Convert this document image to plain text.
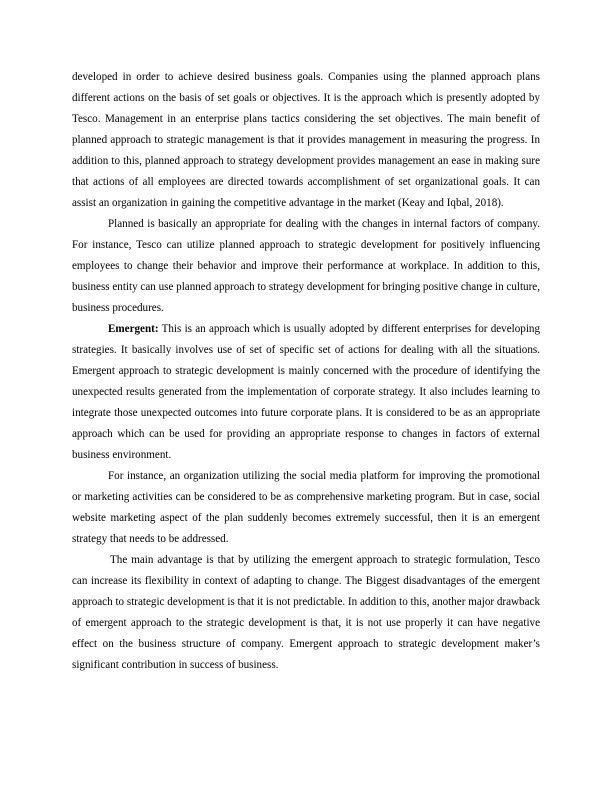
developed in order to achieve desired business goals. Companies using the planned approach plans different actions on the basis of set goals or objectives. It is the approach which is presently adopted by Tesco. Management in an enterprise plans tactics considering the set objectives. The main benefit of planned approach to strategic management is that it provides management in measuring the progress. In addition to this, planned approach to strategy development provides management an ease in making sure that actions of all employees are directed towards accomplishment of set organizational goals. It can assist an organization in gaining the competitive advantage in the market (Keay and Iqbal, 2018).

Planned is basically an appropriate for dealing with the changes in internal factors of company. For instance, Tesco can utilize planned approach to strategic development for positively influencing employees to change their behavior and improve their performance at workplace. In addition to this, business entity can use planned approach to strategy development for bringing positive change in culture, business procedures.

Emergent: This is an approach which is usually adopted by different enterprises for developing strategies. It basically involves use of set of specific set of actions for dealing with all the situations. Emergent approach to strategic development is mainly concerned with the procedure of identifying the unexpected results generated from the implementation of corporate strategy. It also includes learning to integrate those unexpected outcomes into future corporate plans. It is considered to be as an appropriate approach which can be used for providing an appropriate response to changes in factors of external business environment.

For instance, an organization utilizing the social media platform for improving the promotional or marketing activities can be considered to be as comprehensive marketing program. But in case, social website marketing aspect of the plan suddenly becomes extremely successful, then it is an emergent strategy that needs to be addressed.

The main advantage is that by utilizing the emergent approach to strategic formulation, Tesco can increase its flexibility in context of adapting to change. The Biggest disadvantages of the emergent approach to strategic development is that it is not predictable. In addition to this, another major drawback of emergent approach to the strategic development is that, it is not use properly it can have negative effect on the business structure of company. Emergent approach to strategic development maker’s significant contribution in success of business.
